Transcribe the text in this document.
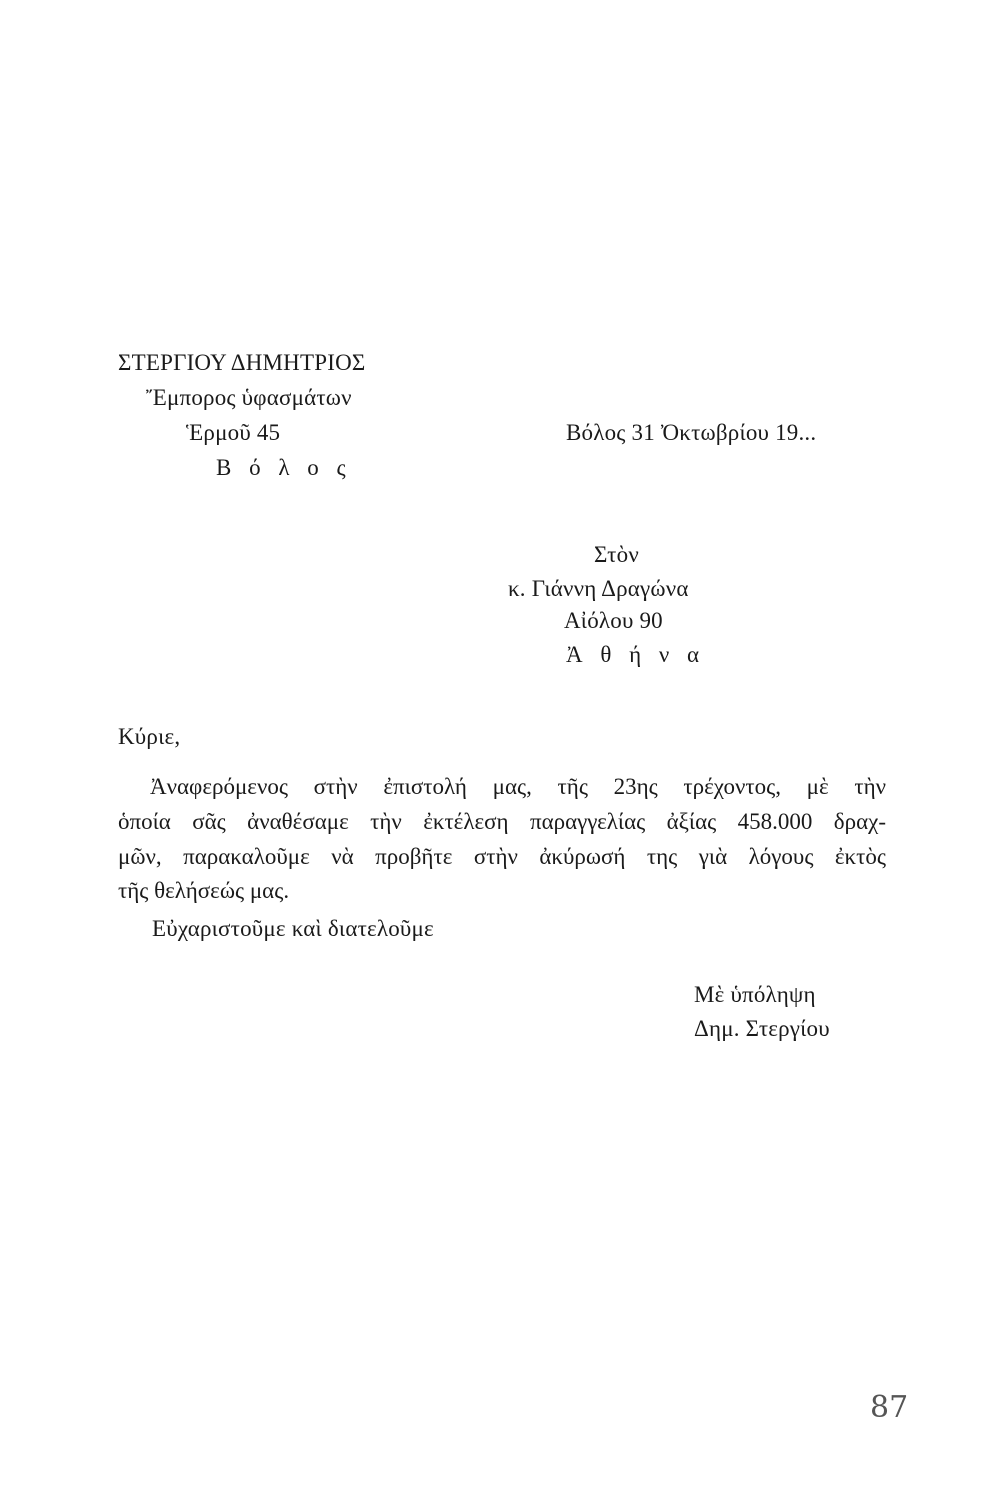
ΣΤΕΡΓΙΟΥ ΔΗΜΗΤΡΙΟΣ
Ἔμπορος ὑφασμάτων
Ἑρμοῦ 45
Β ό λ ο ς
Βόλος 31 Ὀκτωβρίου 19...
Στὸν
κ. Γιάννη Δραγώνα
Αἰόλου 90
Ἀ θ ή ν α
Κύριε,
Ἀναφερόμενος στὴν ἐπιστολή μας, τῆς 23ης τρέχοντος, μὲ τὴν
ὁποία σᾶς ἀναθέσαμε τὴν ἐκτέλεση παραγγελίας ἀξίας 458.000 δραχ-
μῶν, παρακαλοῦμε νὰ προβῆτε στὴν ἀκύρωσή της γιὰ λόγους ἐκτὸς
τῆς θελήσεώς μας.
Εὐχαριστοῦμε καὶ διατελοῦμε
Μὲ ὑπόληψη
Δημ. Στεργίου
87
